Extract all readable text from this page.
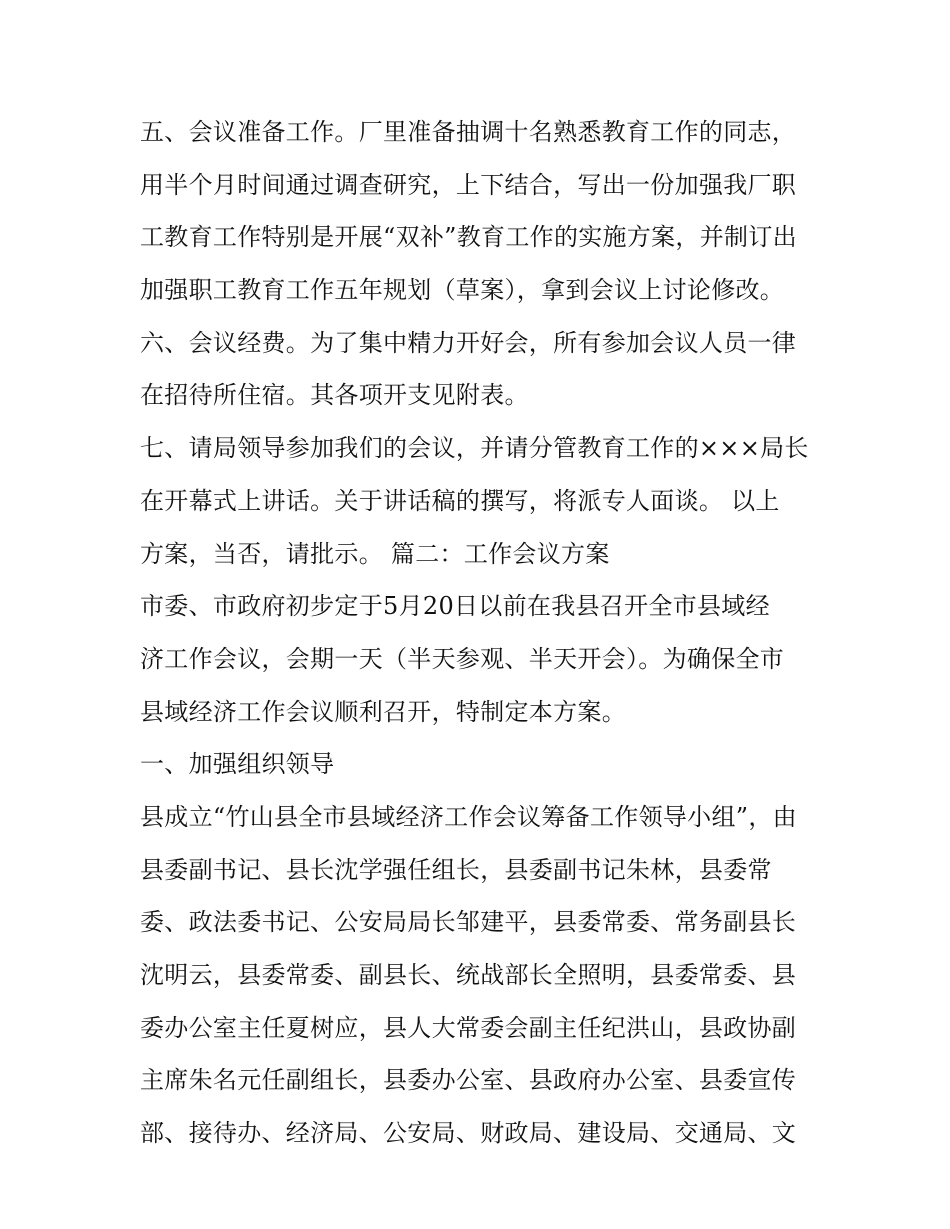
五、会议准备工作。厂里准备抽调十名熟悉教育工作的同志，
用半个月时间通过调查研究，上下结合，写出一份加强我厂职
工教育工作特别是开展“双补”教育工作的实施方案，并制订出
加强职工教育工作五年规划（草案），拿到会议上讨论修改。
六、会议经费。为了集中精力开好会，所有参加会议人员一律
在招待所住宿。其各项开支见附表。
七、请局领导参加我们的会议，并请分管教育工作的×××局长
在开幕式上讲话。关于讲话稿的撰写，将派专人面谈。 以上
方案，当否，请批示。 篇二：工作会议方案
市委、市政府初步定于5月20日以前在我县召开全市县域经
济工作会议，会期一天（半天参观、半天开会）。为确保全市
县域经济工作会议顺利召开，特制定本方案。
一、加强组织领导
县成立“竹山县全市县域经济工作会议筹备工作领导小组”，由
县委副书记、县长沈学强任组长，县委副书记朱林，县委常
委、政法委书记、公安局局长邹建平，县委常委、常务副县长
沈明云，县委常委、副县长、统战部长全照明，县委常委、县
委办公室主任夏树应，县人大常委会副主任纪洪山，县政协副
主席朱名元任副组长，县委办公室、县政府办公室、县委宣传
部、接待办、经济局、公安局、财政局、建设局、交通局、文
